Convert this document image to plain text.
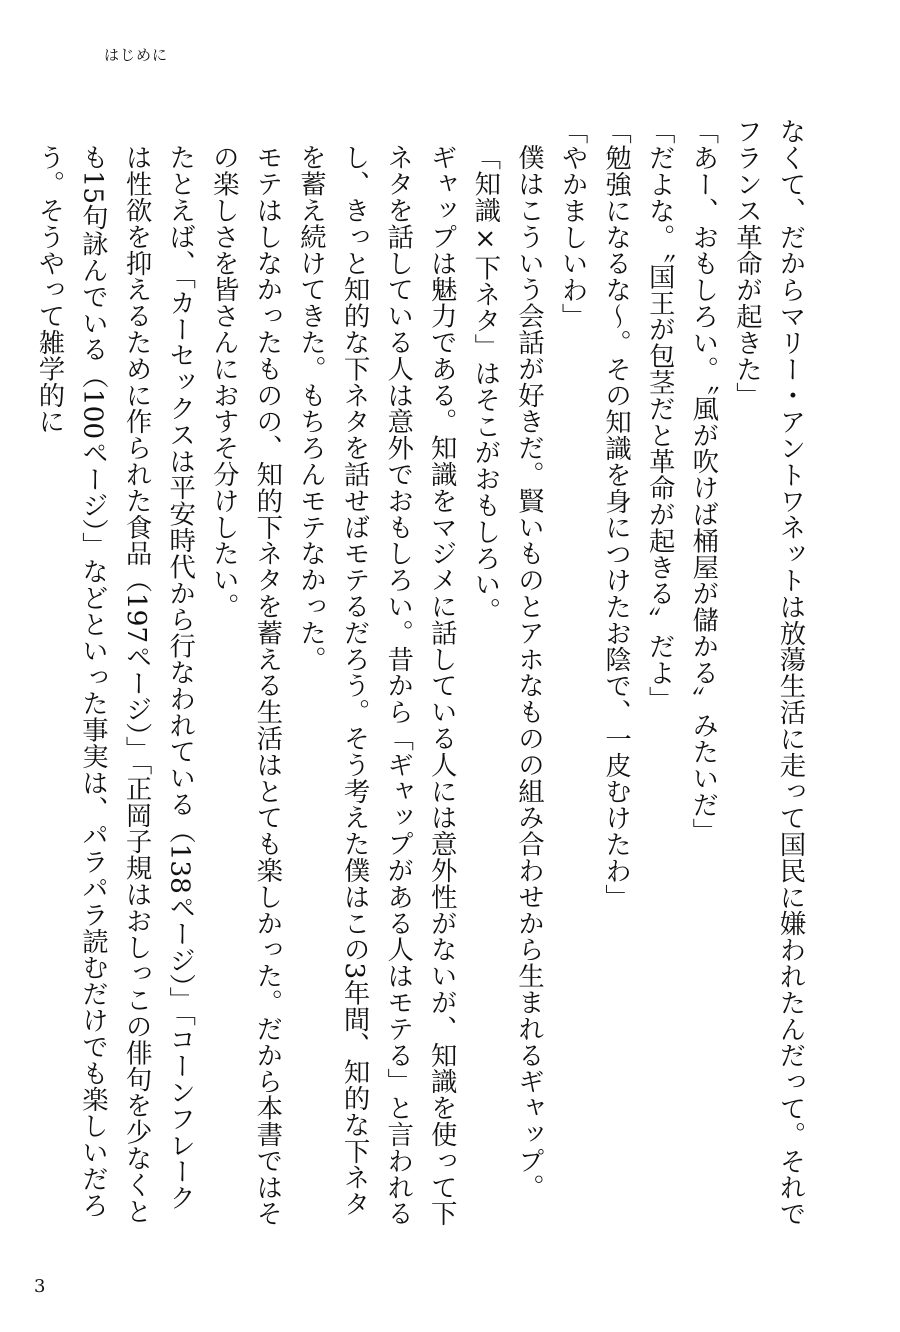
はじめに
なくて、だからマリー・アントワネットは放蕩生活に走って国民に嫌われたんだって。それでフランス革命が起きた」
「あー、おもしろい。〝風が吹けば桶屋が儲かる〟みたいだ」
「だよな。〝国王が包茎だと革命が起きる〟だよ」
「勉強になるな〜。その知識を身につけたお陰で、一皮むけたわ」
「やかましいわ」
僕はこういう会話が好きだ。賢いものとアホなものの組み合わせから生まれるギャップ。「知識×下ネタ」はそこがおもしろい。
ギャップは魅力である。知識をマジメに話している人には意外性がないが、知識を使って下ネタを話している人は意外でおもしろい。昔から「ギャップがある人はモテる」と言われるし、きっと知的な下ネタを話せばモテるだろう。そう考えた僕はこの3年間、知的な下ネタを蓄え続けてきた。もちろんモテなかった。
モテはしなかったものの、知的下ネタを蓄える生活はとても楽しかった。だから本書ではその楽しさを皆さんにおすそ分けしたい。
たとえば、「カーセックスは平安時代から行なわれている（138ページ）」「コーンフレークは性欲を抑えるために作られた食品（197ページ）」「正岡子規はおしっこの俳句を少なくとも15句詠んでいる（100ページ）」などといった事実は、パラパラ読むだけでも楽しいだろう。そうやって雑学的に
3
